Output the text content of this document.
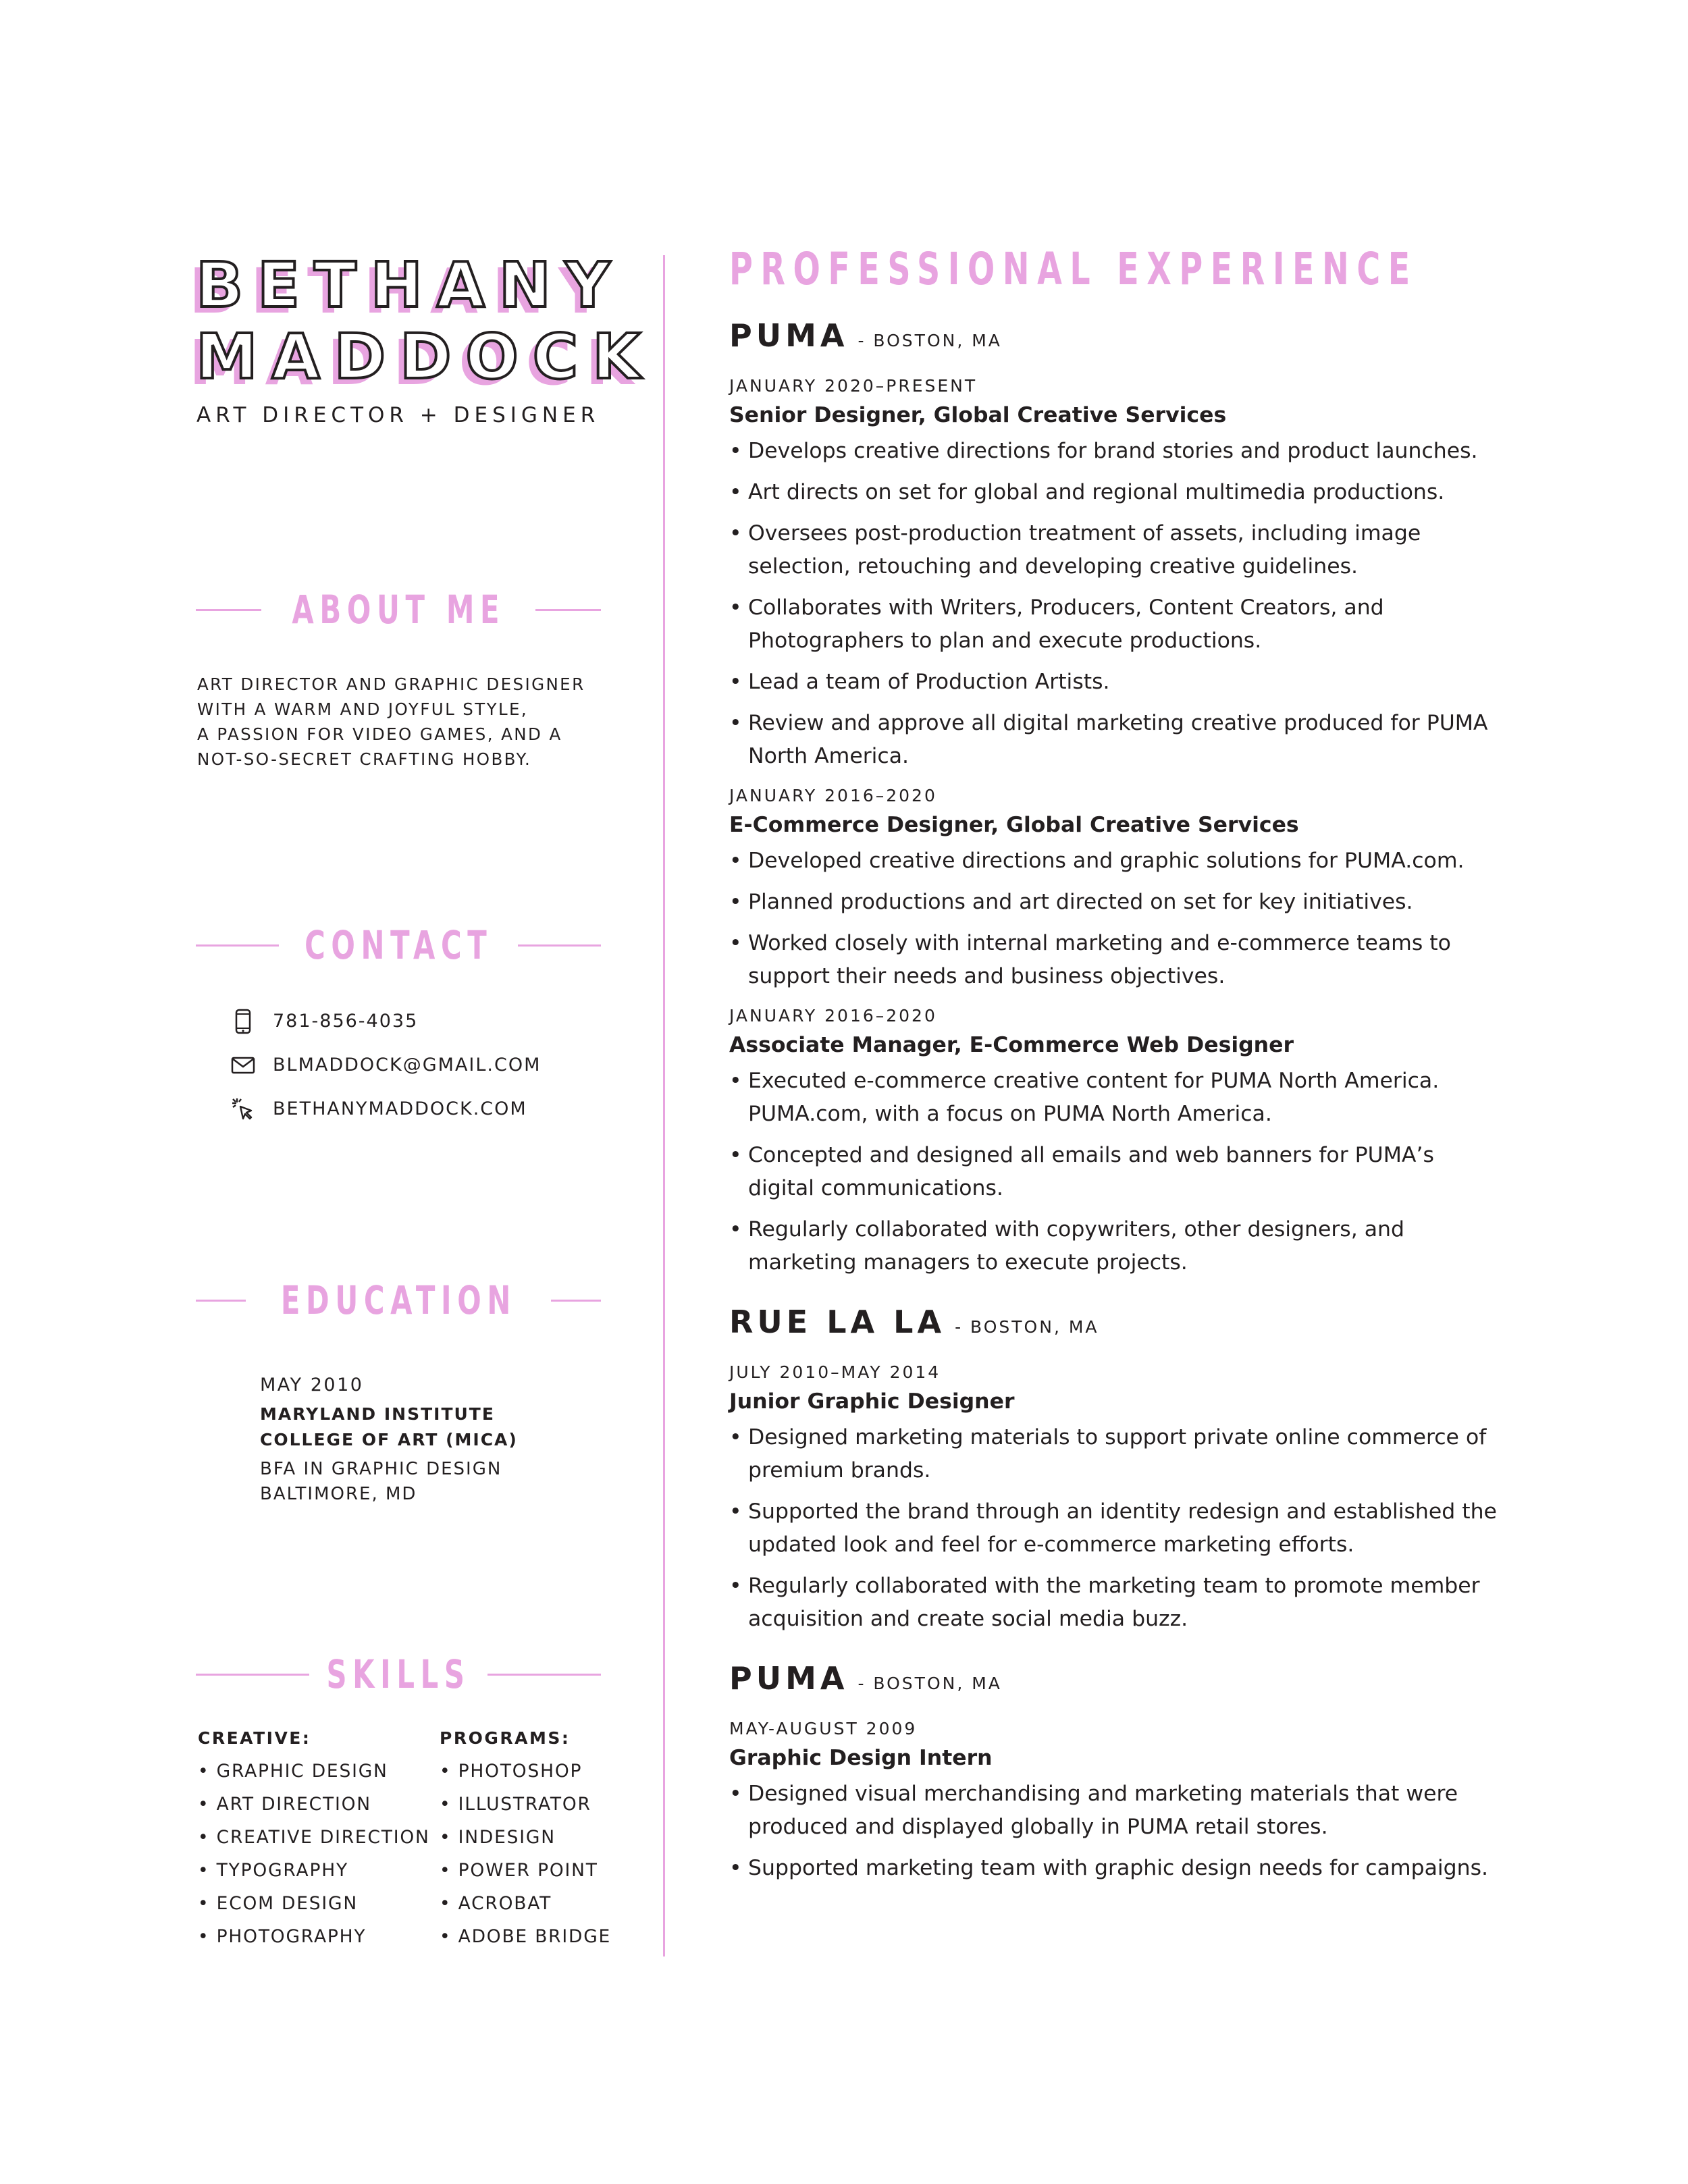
BETHANY
MADDOCK
ART DIRECTOR + DESIGNER
ABOUT ME
ART DIRECTOR AND GRAPHIC DESIGNER
WITH A WARM AND JOYFUL STYLE,
A PASSION FOR VIDEO GAMES, AND A
NOT-SO-SECRET CRAFTING HOBBY.
CONTACT
781-856-4035
BLMADDOCK@GMAIL.COM
BETHANYMADDOCK.COM
EDUCATION
MAY 2010
MARYLAND INSTITUTE
COLLEGE OF ART (MICA)
BFA IN GRAPHIC DESIGN
BALTIMORE, MD
SKILLS
CREATIVE:
• GRAPHIC DESIGN
• ART DIRECTION
• CREATIVE DIRECTION
• TYPOGRAPHY
• ECOM DESIGN
• PHOTOGRAPHY
PROGRAMS:
• PHOTOSHOP
• ILLUSTRATOR
• INDESIGN
• POWER POINT
• ACROBAT
• ADOBE BRIDGE
PROFESSIONAL EXPERIENCE
PUMA - BOSTON, MA
JANUARY 2020–PRESENT
Senior Designer, Global Creative Services
• Develops creative directions for brand stories and product launches.
• Art directs on set for global and regional multimedia productions.
• Oversees post-production treatment of assets, including image selection, retouching and developing creative guidelines.
• Collaborates with Writers, Producers, Content Creators, and Photographers to plan and execute productions.
• Lead a team of Production Artists.
• Review and approve all digital marketing creative produced for PUMA North America.
JANUARY 2016–2020
E-Commerce Designer, Global Creative Services
• Developed creative directions and graphic solutions for PUMA.com.
• Planned productions and art directed on set for key initiatives.
• Worked closely with internal marketing and e-commerce teams to support their needs and business objectives.
JANUARY 2016–2020
Associate Manager, E-Commerce Web Designer
• Executed e-commerce creative content for PUMA North America. PUMA.com, with a focus on PUMA North America.
• Concepted and designed all emails and web banners for PUMA’s digital communications.
• Regularly collaborated with copywriters, other designers, and marketing managers to execute projects.
RUE LA LA - BOSTON, MA
JULY 2010–MAY 2014
Junior Graphic Designer
• Designed marketing materials to support private online commerce of premium brands.
• Supported the brand through an identity redesign and established the updated look and feel for e-commerce marketing efforts.
• Regularly collaborated with the marketing team to promote member acquisition and create social media buzz.
PUMA - BOSTON, MA
MAY-AUGUST 2009
Graphic Design Intern
• Designed visual merchandising and marketing materials that were produced and displayed globally in PUMA retail stores.
• Supported marketing team with graphic design needs for campaigns.
